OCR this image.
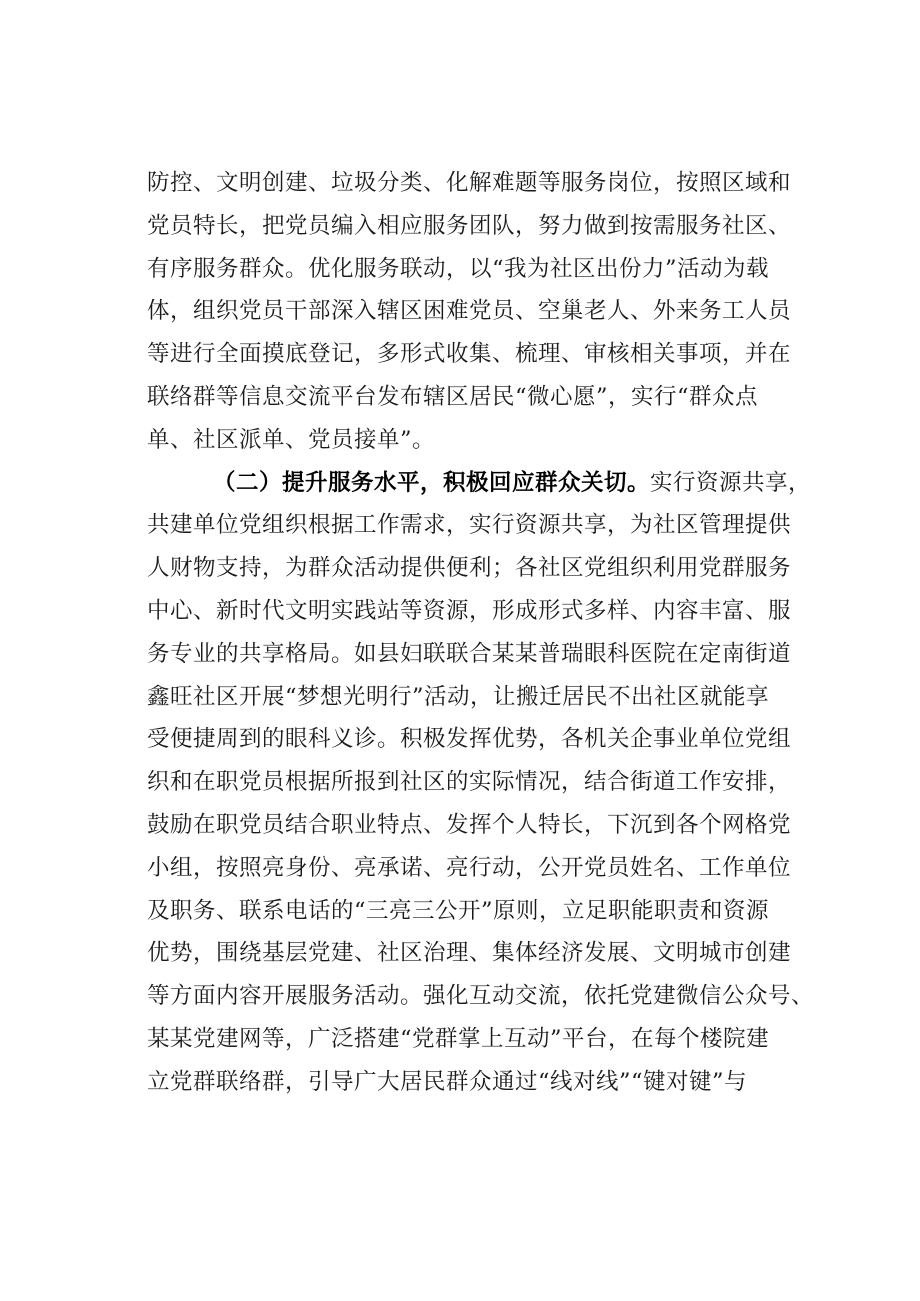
防控、文明创建、垃圾分类、化解难题等服务岗位，按照区域和
党员特长，把党员编入相应服务团队，努力做到按需服务社区、
有序服务群众。优化服务联动，以“我为社区出份力”活动为载
体，组织党员干部深入辖区困难党员、空巢老人、外来务工人员
等进行全面摸底登记，多形式收集、梳理、审核相关事项，并在
联络群等信息交流平台发布辖区居民“微心愿”，实行“群众点
单、社区派单、党员接单”。
（二）提升服务水平，积极回应群众关切。实行资源共享，
共建单位党组织根据工作需求，实行资源共享，为社区管理提供
人财物支持，为群众活动提供便利；各社区党组织利用党群服务
中心、新时代文明实践站等资源，形成形式多样、内容丰富、服
务专业的共享格局。如县妇联联合某某普瑞眼科医院在定南街道
鑫旺社区开展“梦想光明行”活动，让搬迁居民不出社区就能享
受便捷周到的眼科义诊。积极发挥优势，各机关企事业单位党组
织和在职党员根据所报到社区的实际情况，结合街道工作安排，
鼓励在职党员结合职业特点、发挥个人特长，下沉到各个网格党
小组，按照亮身份、亮承诺、亮行动，公开党员姓名、工作单位
及职务、联系电话的“三亮三公开”原则，立足职能职责和资源
优势，围绕基层党建、社区治理、集体经济发展、文明城市创建
等方面内容开展服务活动。强化互动交流，依托党建微信公众号、
某某党建网等，广泛搭建“党群掌上互动”平台，在每个楼院建
立党群联络群，引导广大居民群众通过“线对线”“键对键”与
